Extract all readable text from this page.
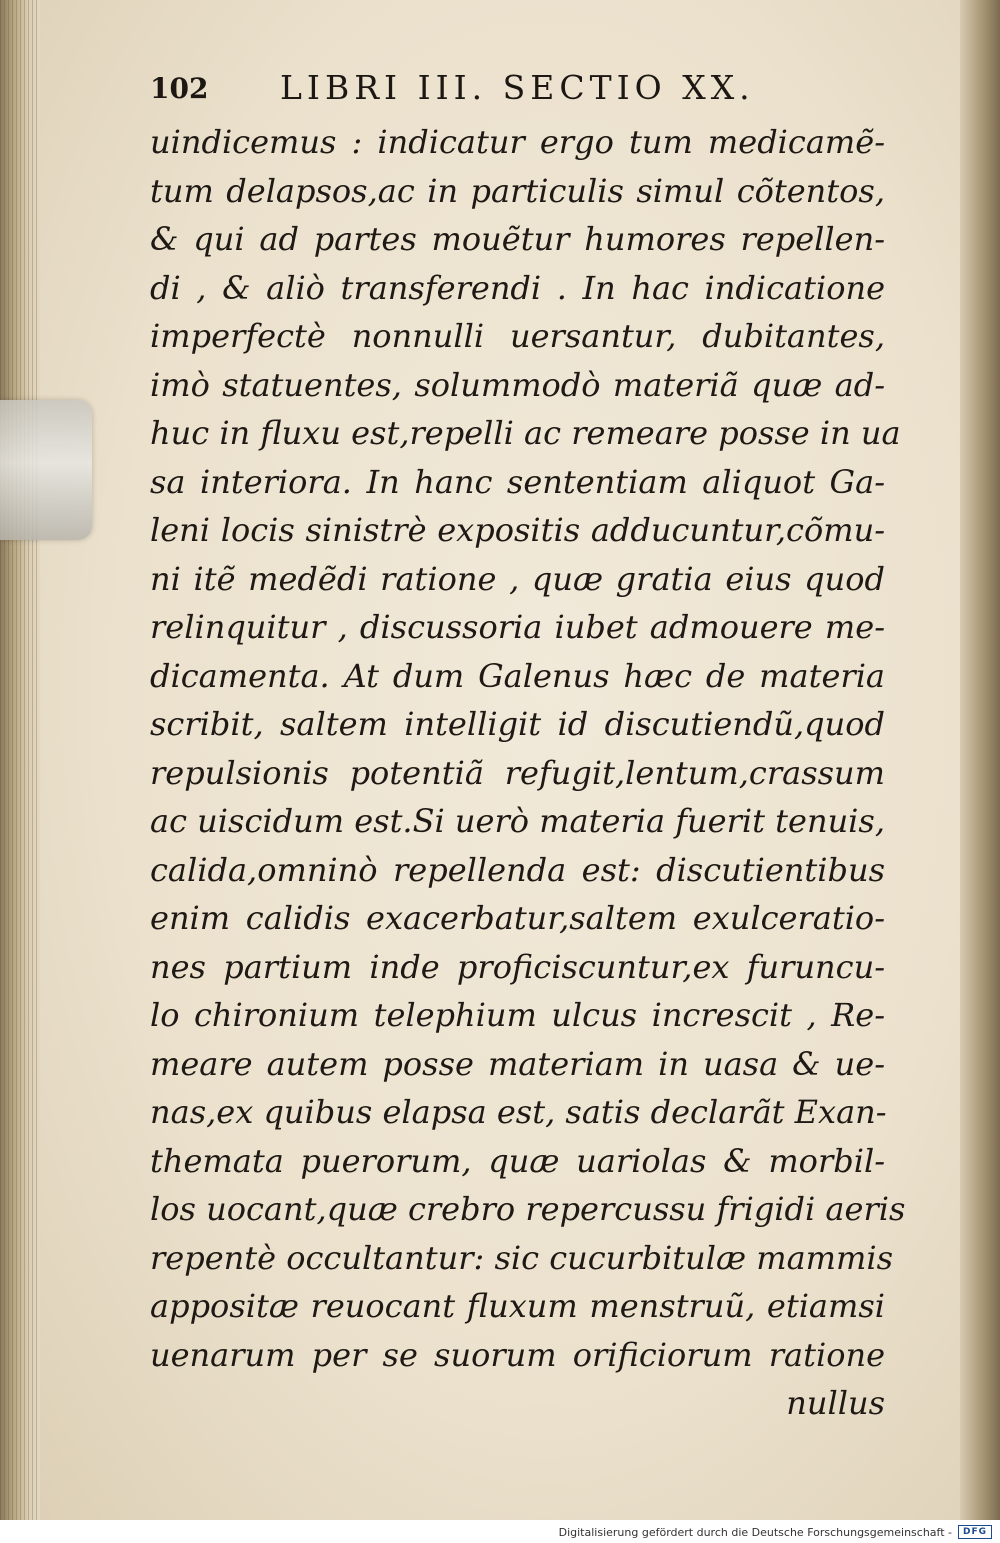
102 LIBRI III. SECTIO XX.
uindicemus : indicatur ergo tum medicamẽ-
tum delapsos,ac in particulis simul cõtentos,
& qui ad partes mouẽtur humores repellen-
di , & aliò transferendi . In hac indicatione
imperfectè nonnulli uersantur, dubitantes,
imò statuentes, solummodò materiã quæ ad-
huc in fluxu est,repelli ac remeare posse in ua
sa interiora. In hanc sententiam aliquot Ga-
leni locis sinistrè expositis adducuntur,cõmu-
ni itẽ medẽdi ratione , quæ gratia eius quod
relinquitur , discussoria iubet admouere me-
dicamenta. At dum Galenus hæc de materia
scribit, saltem intelligit id discutiendũ,quod
repulsionis potentiã refugit,lentum,crassum
ac uiscidum est.Si uerò materia fuerit tenuis,
calida,omninò repellenda est: discutientibus
enim calidis exacerbatur,saltem exulceratio-
nes partium inde proficiscuntur,ex furuncu-
lo chironium telephium ulcus increscit , Re-
meare autem posse materiam in uasa & ue-
nas,ex quibus elapsa est, satis declarãt Exan-
themata puerorum, quæ uariolas & morbil-
los uocant,quæ crebro repercussu frigidi aeris
repentè occultantur: sic cucurbitulæ mammis
appositæ reuocant fluxum menstruũ, etiamsi
uenarum per se suorum orificiorum ratione
nullus
Digitalisierung gefördert durch die Deutsche Forschungsgemeinschaft -	DFG
